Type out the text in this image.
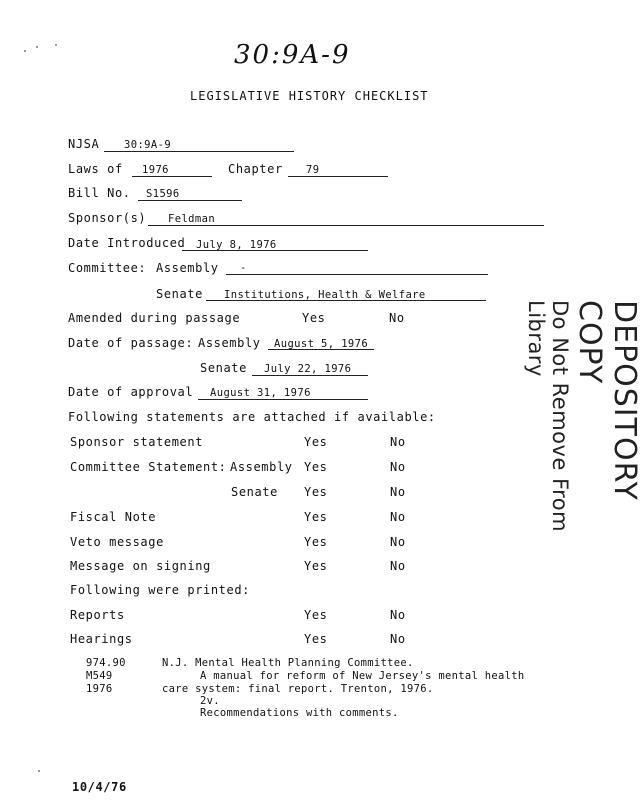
30:9A-9
LEGISLATIVE HISTORY CHECKLIST
NJSA 30:9A-9
Laws of 1976	Chapter 79
Bill No. S1596
Sponsor(s) Feldman
Date Introduced July 8, 1976
Committee: Assembly -
Senate Institutions, Health & Welfare
Amended during passage	Yes	No
Date of passage: Assembly August 5, 1976
Senate July 22, 1976
Date of approval August 31, 1976
Following statements are attached if available:
Sponsor statement	Yes	No
Committee Statement: Assembly Yes	No
Senate Yes	No
Fiscal Note	Yes	No
Veto message	Yes	No
Message on signing	Yes	No
Following were printed:
Reports	Yes	No
Hearings	Yes	No
974.90
M549
1976
N.J. Mental Health Planning Committee.
A manual for reform of New Jersey's mental health
care system: final report. Trenton, 1976.
2v.
Recommendations with comments.
DEPOSITORY COPY
Do Not Remove From Library
10/4/76
